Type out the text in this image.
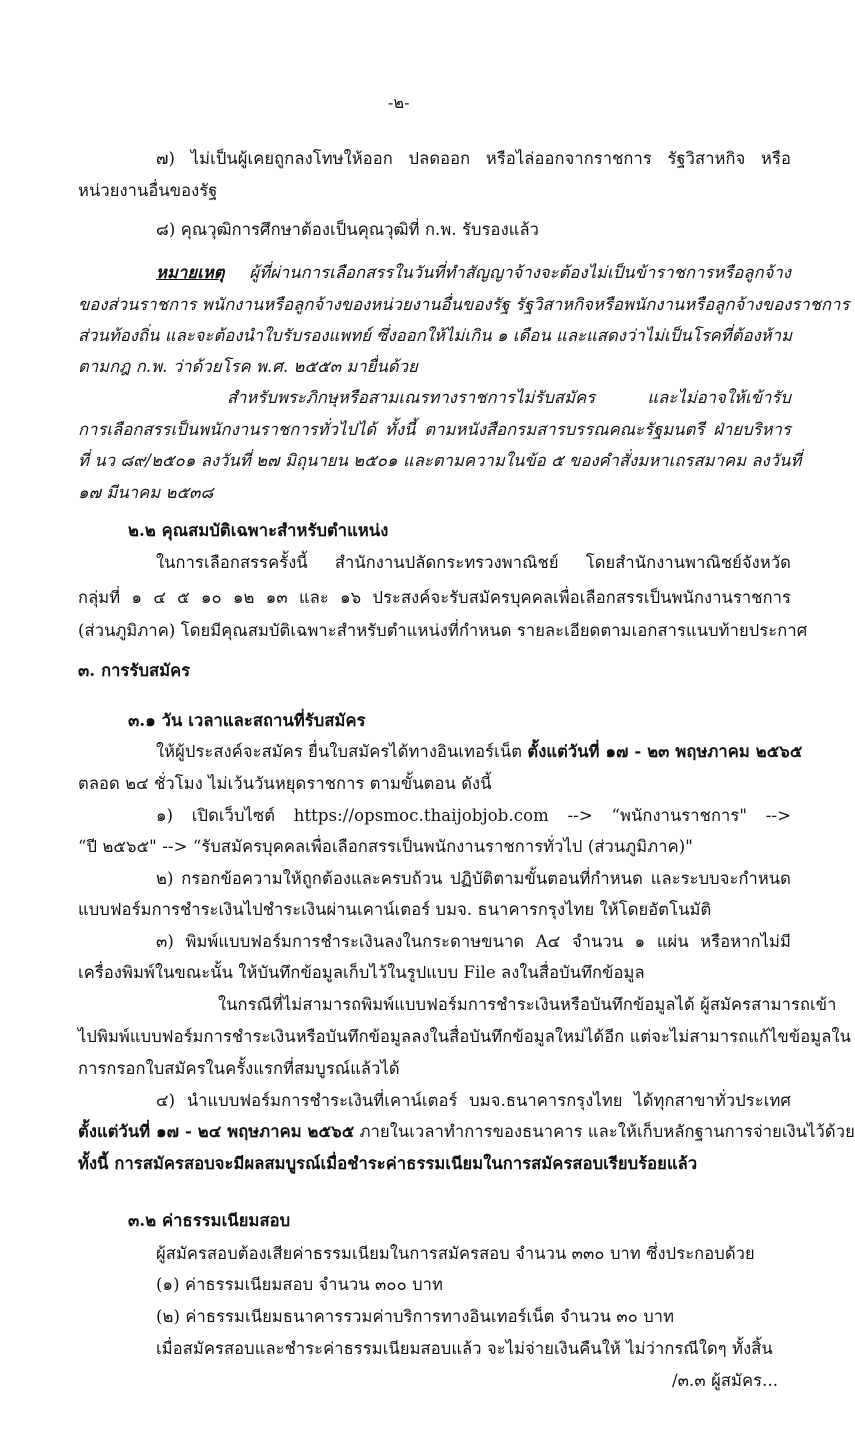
-๒-
๗) ไม่เป็นผู้เคยถูกลงโทษให้ออก ปลดออก หรือไล่ออกจากราชการ รัฐวิสาหกิจ หรือ
หน่วยงานอื่นของรัฐ
๘) คุณวุฒิการศึกษาต้องเป็นคุณวุฒิที่ ก.พ. รับรองแล้ว
หมายเหตุ ผู้ที่ผ่านการเลือกสรรในวันที่ทำสัญญาจ้างจะต้องไม่เป็นข้าราชการหรือลูกจ้าง
ของส่วนราชการ พนักงานหรือลูกจ้างของหน่วยงานอื่นของรัฐ รัฐวิสาหกิจหรือพนักงานหรือลูกจ้างของราชการ
ส่วนท้องถิ่น และจะต้องนำใบรับรองแพทย์ ซึ่งออกให้ไม่เกิน ๑ เดือน และแสดงว่าไม่เป็นโรคที่ต้องห้าม
ตามกฎ ก.พ. ว่าด้วยโรค พ.ศ. ๒๕๕๓ มายื่นด้วย
สำหรับพระภิกษุหรือสามเณรทางราชการไม่รับสมัคร และไม่อาจให้เข้ารับ
การเลือกสรรเป็นพนักงานราชการทั่วไปได้ ทั้งนี้ ตามหนังสือกรมสารบรรณคณะรัฐมนตรี ฝ่ายบริหาร
ที่ นว ๘๙/๒๕๐๑ ลงวันที่ ๒๗ มิถุนายน ๒๕๐๑ และตามความในข้อ ๕ ของคำสั่งมหาเถรสมาคม ลงวันที่
๑๗ มีนาคม ๒๕๓๘
๒.๒ คุณสมบัติเฉพาะสำหรับตำแหน่ง
ในการเลือกสรรครั้งนี้ สำนักงานปลัดกระทรวงพาณิชย์ โดยสำนักงานพาณิชย์จังหวัด
กลุ่มที่ ๑ ๔ ๕ ๑๐ ๑๒ ๑๓ และ ๑๖ ประสงค์จะรับสมัครบุคคลเพื่อเลือกสรรเป็นพนักงานราชการ
(ส่วนภูมิภาค) โดยมีคุณสมบัติเฉพาะสำหรับตำแหน่งที่กำหนด รายละเอียดตามเอกสารแนบท้ายประกาศ
๓. การรับสมัคร
๓.๑ วัน เวลาและสถานที่รับสมัคร
ให้ผู้ประสงค์จะสมัคร ยื่นใบสมัครได้ทางอินเทอร์เน็ต ตั้งแต่วันที่ ๑๗ - ๒๓ พฤษภาคม ๒๕๖๕
ตลอด ๒๔ ชั่วโมง ไม่เว้นวันหยุดราชการ ตามขั้นตอน ดังนี้
๑) เปิดเว็บไซต์ https://opsmoc.thaijobjob.com --> “พนักงานราชการ" -->
“ปี ๒๕๖๕" --> “รับสมัครบุคคลเพื่อเลือกสรรเป็นพนักงานราชการทั่วไป (ส่วนภูมิภาค)"
๒) กรอกข้อความให้ถูกต้องและครบถ้วน ปฏิบัติตามขั้นตอนที่กำหนด และระบบจะกำหนด
แบบฟอร์มการชำระเงินไปชำระเงินผ่านเคาน์เตอร์ บมจ. ธนาคารกรุงไทย ให้โดยอัตโนมัติ
๓) พิมพ์แบบฟอร์มการชำระเงินลงในกระดาษขนาด A๔ จำนวน ๑ แผ่น หรือหากไม่มี
เครื่องพิมพ์ในขณะนั้น ให้บันทึกข้อมูลเก็บไว้ในรูปแบบ File ลงในสื่อบันทึกข้อมูล
ในกรณีที่ไม่สามารถพิมพ์แบบฟอร์มการชำระเงินหรือบันทึกข้อมูลได้ ผู้สมัครสามารถเข้า
ไปพิมพ์แบบฟอร์มการชำระเงินหรือบันทึกข้อมูลลงในสื่อบันทึกข้อมูลใหม่ได้อีก แต่จะไม่สามารถแก้ไขข้อมูลใน
การกรอกใบสมัครในครั้งแรกที่สมบูรณ์แล้วได้
๔) นำแบบฟอร์มการชำระเงินที่เคาน์เตอร์ บมจ.ธนาคารกรุงไทย ได้ทุกสาขาทั่วประเทศ
ตั้งแต่วันที่ ๑๗ - ๒๔ พฤษภาคม ๒๕๖๕ ภายในเวลาทำการของธนาคาร และให้เก็บหลักฐานการจ่ายเงินไว้ด้วย
ทั้งนี้ การสมัครสอบจะมีผลสมบูรณ์เมื่อชำระค่าธรรมเนียมในการสมัครสอบเรียบร้อยแล้ว
๓.๒ ค่าธรรมเนียมสอบ
ผู้สมัครสอบต้องเสียค่าธรรมเนียมในการสมัครสอบ จำนวน ๓๓๐ บาท ซึ่งประกอบด้วย
(๑) ค่าธรรมเนียมสอบ จำนวน ๓๐๐ บาท
(๒) ค่าธรรมเนียมธนาคารรวมค่าบริการทางอินเทอร์เน็ต จำนวน ๓๐ บาท
เมื่อสมัครสอบและชำระค่าธรรมเนียมสอบแล้ว จะไม่จ่ายเงินคืนให้ ไม่ว่ากรณีใดๆ ทั้งสิ้น
/๓.๓ ผู้สมัคร...
